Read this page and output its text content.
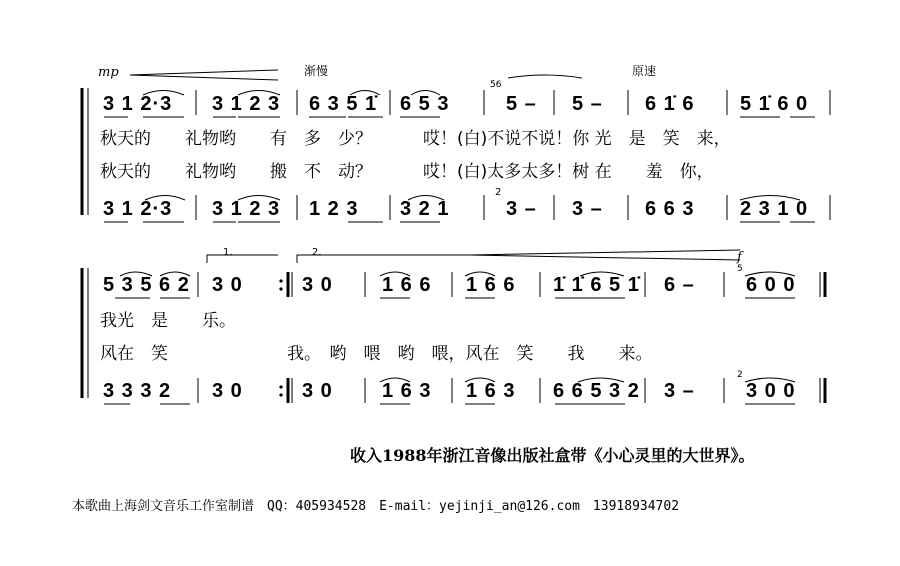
mp	渐慢	原速
5̇6
2
1.	2.	f
5
2
3 1 2·3 3 1 2 3 6 3 5 1̇ 6 5 3	5 – 5 – 6 1̇ 6 5 1̇ 6 0
秋天的　　礼物哟　　有　多　少？　　　哎！(白)不说不说！你 光　是　笑　来，
秋天的　　礼物哟　　搬　不　动？　　　哎！(白)太多太多！树 在　　羞　你，
3 1 2·3 3 1 2 3 1 2 3 3 2 1	3 – 3 – 6 6 3 2 3 1 0
5 3 5 6 2 3 0	3 0 1 6 6 1 6 6 1̇ 1̇ 6 5 1̇ 6 –	6 0 0
我光　是　　乐。
风在　笑　　　　　　　我。　哟　喂　哟　喂，风在　笑　　我　　来。
3 3 3 2 3 0	3 0 1 6 3 1 6 3 6 6 5 3 2 3 –	3 0 0
收入1988年浙江音像出版社盒带《小心灵里的大世界》。
本歌曲上海剑文音乐工作室制谱　QQ：405934528　E-mail：yejinji_an@126.com　13918934702
